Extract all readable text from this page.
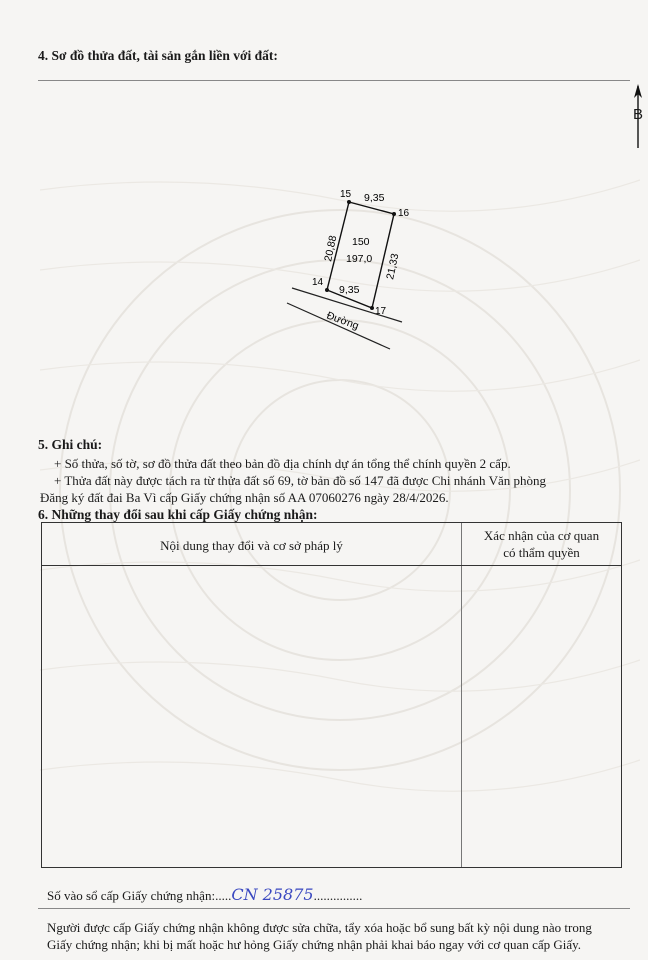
4. Sơ đồ thửa đất, tài sản gắn liền với đất:
B
15
16
14
17
9,35
9,35
20,88
21,33
150
197,0
Đường
5. Ghi chú:
+ Số thửa, số tờ, sơ đồ thửa đất theo bản đồ địa chính dự án tổng thể chính quyền 2 cấp.
+ Thửa đất này được tách ra từ thửa đất số 69, tờ bản đồ số 147 đã được Chi nhánh Văn phòng
Đăng ký đất đai Ba Vì cấp Giấy chứng nhận số AA 07060276 ngày 28/4/2026.
6. Những thay đổi sau khi cấp Giấy chứng nhận:
Nội dung thay đổi và cơ sở pháp lý
Xác nhận của cơ quan
có thẩm quyền
Số vào sổ cấp Giấy chứng nhận:.....CN 25875...............
Người được cấp Giấy chứng nhận không được sửa chữa, tẩy xóa hoặc bổ sung bất kỳ nội dung nào trong
Giấy chứng nhận; khi bị mất hoặc hư hỏng Giấy chứng nhận phải khai báo ngay với cơ quan cấp Giấy.
